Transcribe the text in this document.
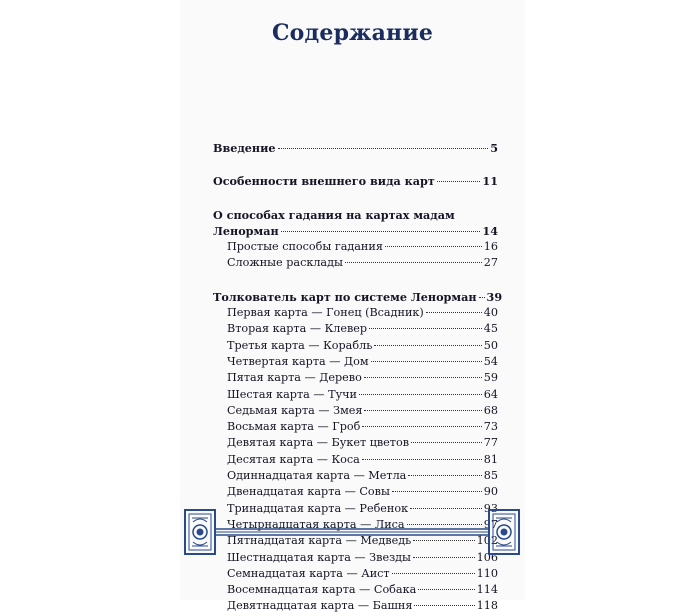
Содержание
Введение	5
Особенности внешнего вида карт	11
О способах гадания на картах мадам
Ленорман	14
Простые способы гадания	16
Сложные расклады	27
Толкователь карт по системе Ленорман 39
Первая карта — Гонец (Всадник)	40
Вторая карта — Клевер	45
Третья карта — Корабль	50
Четвертая карта — Дом	54
Пятая карта — Дерево	59
Шестая карта — Тучи	64
Седьмая карта — Змея	68
Восьмая карта — Гроб	73
Девятая карта — Букет цветов	77
Десятая карта — Коса	81
Одиннадцатая карта — Метла	85
Двенадцатая карта — Совы	90
Тринадцатая карта — Ребенок	93
Четырнадцатая карта — Лиса	97
Пятнадцатая карта — Медведь	102
Шестнадцатая карта — Звезды	106
Семнадцатая карта — Аист	110
Восемнадцатая карта — Собака	114
Девятнадцатая карта — Башня	118
